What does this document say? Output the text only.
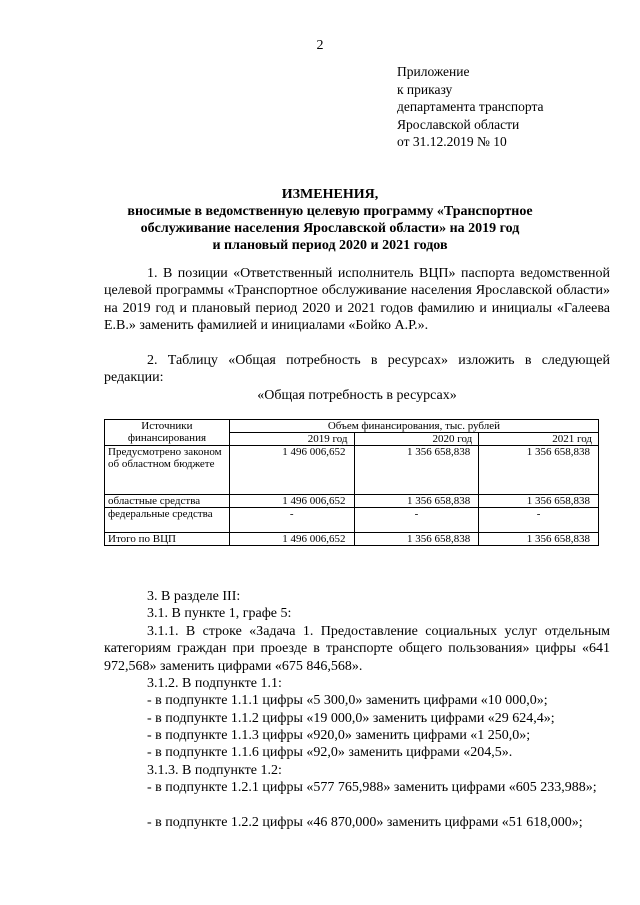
2
Приложение
к приказу
департамента транспорта
Ярославской области
от 31.12.2019 № 10
ИЗМЕНЕНИЯ,
вносимые в ведомственную целевую программу «Транспортное
обслуживание населения Ярославской области» на 2019 год
и плановый период 2020 и 2021 годов
1. В позиции «Ответственный исполнитель ВЦП» паспорта ведомственной целевой программы «Транспортное обслуживание населения Ярославской области» на 2019 год и плановый период 2020 и 2021 годов фамилию и инициалы «Галеева Е.В.» заменить фамилией и инициалами «Бойко А.Р.».
2. Таблицу «Общая потребность в ресурсах» изложить в следующей редакции:
«Общая потребность в ресурсах»
Источники финансирования	Объем финансирования, тыс. рублей		
	2019 год	2020 год	2021 год
Предусмотрено законом об областном бюджете	1 496 006,652	1 356 658,838	1 356 658,838
областные средства	1 496 006,652	1 356 658,838	1 356 658,838
федеральные средства	-	-	-
Итого по ВЦП	1 496 006,652	1 356 658,838	1 356 658,838
3. В разделе III:
3.1. В пункте 1, графе 5:
3.1.1. В строке «Задача 1. Предоставление социальных услуг отдельным категориям граждан при проезде в транспорте общего пользования» цифры «641 972,568» заменить цифрами «675 846,568».
3.1.2. В подпункте 1.1:
- в подпункте 1.1.1 цифры «5 300,0» заменить цифрами «10 000,0»;
- в подпункте 1.1.2 цифры «19 000,0» заменить цифрами «29 624,4»;
- в подпункте 1.1.3 цифры «920,0» заменить цифрами «1 250,0»;
- в подпункте 1.1.6 цифры «92,0» заменить цифрами «204,5».
3.1.3. В подпункте 1.2:
- в подпункте 1.2.1 цифры «577 765,988» заменить цифрами «605 233,988»;
- в подпункте 1.2.2 цифры «46 870,000» заменить цифрами «51 618,000»;
